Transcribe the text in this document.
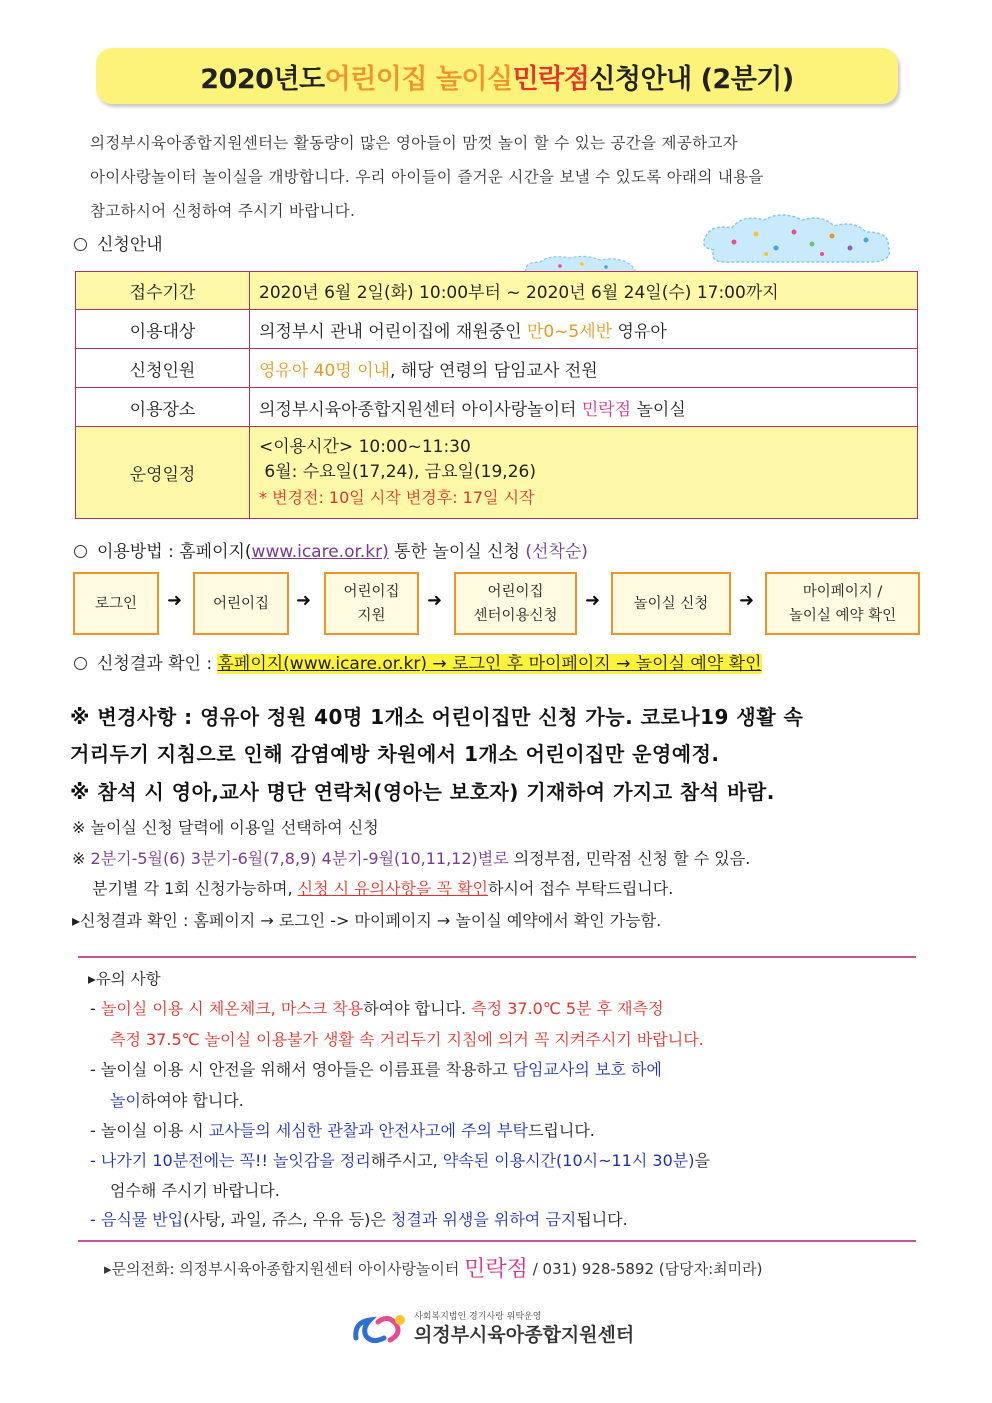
2020년도 어린이집 놀이실 민락점 신청안내 (2분기)
의정부시육아종합지원센터는 활동량이 많은 영아들이 맘껏 놀이 할 수 있는 공간을 제공하고자
아이사랑놀이터 놀이실을 개방합니다. 우리 아이들이 즐거운 시간을 보낼 수 있도록 아래의 내용을
참고하시어 신청하여 주시기 바랍니다.
신청안내
접수기간	2020년 6월 2일(화) 10:00부터 ~ 2020년 6월 24일(수) 17:00까지
이용대상	의정부시 관내 어린이집에 재원중인 만0~5세반 영유아
신청인원	영유아 40명 이내, 해당 연령의 담임교사 전원
이용장소	의정부시육아종합지원센터 아이사랑놀이터 민락점 놀이실
운영일정	<이용시간> 10:00~11:30
6월: 수요일(17,24), 금요일(19,26)
* 변경전: 10일 시작 변경후: 17일 시작
이용방법 : 홈페이지(www.icare.or.kr) 통한 놀이실 신청 (선착순)
로그인 ➜ 어린이집 ➜ 어린이집
지원
➜	어린이집
센터이용신청
➜ 놀이실 신청 ➜	마이페이지 /
놀이실 예약 확인
신청결과 확인 : 홈페이지(www.icare.or.kr) → 로그인 후 마이페이지 → 놀이실 예약 확인
※ 변경사항 : 영유아 정원 40명 1개소 어린이집만 신청 가능. 코로나19 생활 속
거리두기 지침으로 인해 감염예방 차원에서 1개소 어린이집만 운영예정.
※ 참석 시 영아,교사 명단 연락처(영아는 보호자) 기재하여 가지고 참석 바람.
※ 놀이실 신청 달력에 이용일 선택하여 신청
※ 2분기-5월(6) 3분기-6월(7,8,9) 4분기-9월(10,11,12)별로 의정부점, 민락점 신청 할 수 있음.
분기별 각 1회 신청가능하며, 신청 시 유의사항을 꼭 확인하시어 접수 부탁드립니다.
▸신청결과 확인 : 홈페이지 → 로그인 -> 마이페이지 → 놀이실 예약에서 확인 가능함.
▸유의 사항
- 놀이실 이용 시 체온체크, 마스크 착용하여야 합니다. 측정 37.0℃ 5분 후 재측정
측정 37.5℃ 놀이실 이용불가 생활 속 거리두기 지침에 의거 꼭 지켜주시기 바랍니다.
- 놀이실 이용 시 안전을 위해서 영아들은 이름표를 착용하고 담임교사의 보호 하에
놀이하여야 합니다.
- 놀이실 이용 시 교사들의 세심한 관찰과 안전사고에 주의 부탁드립니다.
- 나가기 10분전에는 꼭!! 놀잇감을 정리해주시고, 약속된 이용시간(10시~11시 30분)을
엄수해 주시기 바랍니다.
- 음식물 반입(사탕, 과일, 쥬스, 우유 등)은 청결과 위생을 위하여 금지됩니다.
▸문의전화: 의정부시육아종합지원센터 아이사랑놀이터 민락점 / 031) 928-5892 (담당자:최미라)
사회복지법인 경기사랑 위탁운영
의정부시육아종합지원센터
